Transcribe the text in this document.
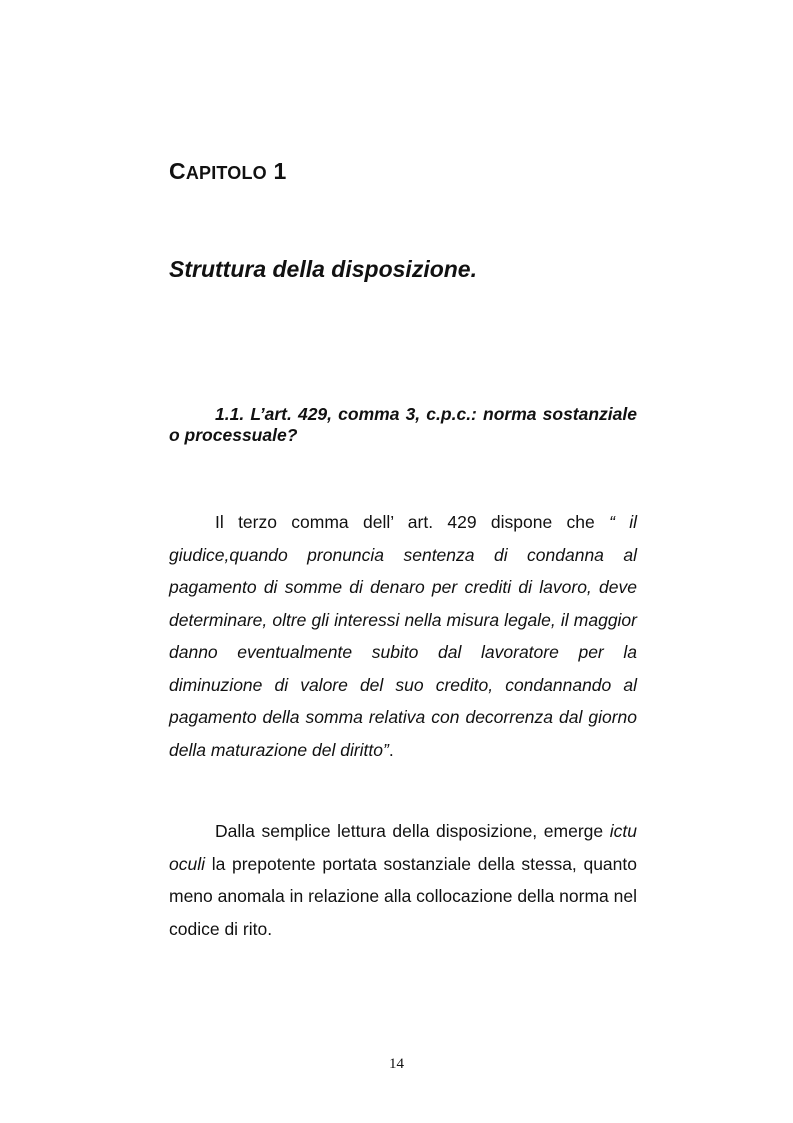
CAPITOLO 1
Struttura della disposizione.
1.1. L’art. 429, comma 3, c.p.c.: norma sostanziale o processuale?

Il terzo comma dell’ art. 429 dispone che “ il giudice,quando pronuncia sentenza di condanna al pagamento di somme di denaro per crediti di lavoro, deve determinare, oltre gli interessi nella misura legale, il maggior danno eventualmente subito dal lavoratore per la diminuzione di valore del suo credito, condannando al pagamento della somma relativa con decorrenza dal giorno della maturazione del diritto”.

Dalla semplice lettura della disposizione, emerge ictu oculi la prepotente portata sostanziale della stessa, quanto meno anomala in relazione alla collocazione della norma nel codice di rito.

14
